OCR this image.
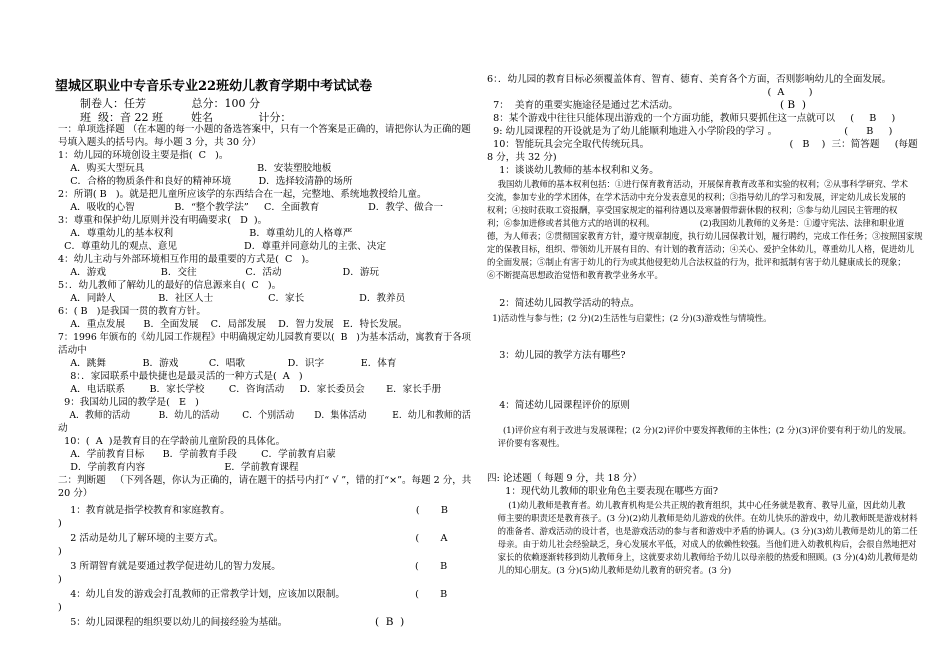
望城区职业中专音乐专业22班幼儿教育学期中考试试卷
制卷人：任芳             总分：100 分
班  级：音 22 班        姓名             计分：
一：单项选择题 （在本题的每一小题的备选答案中，只有一个答案是正确的，请把你认为正确的题
号填入题头的括号内。每小题 3 分，共 30 分）
1：幼儿园的环境创设主要是指(  C   )。
A．购买大型玩具                                     B．安装塑胶地板
C．合格的物质条件和良好的精神环境         D．选择较清静的场所
2：所谓( B   )。就是把儿童所应该学的东西结合在一起，完整地、系统地教授给儿童。
A．吸收的心智             B．“整个教学法”     C．全面教育                D．教学、做合一
3：尊重和保护幼儿原则并没有明确要求(   D  )。
A．尊重幼儿的基本权利                         B．尊重幼儿的人格尊严
C．尊重幼儿的观点、意见                      D．尊重并同意幼儿的主张、决定
4：幼儿主动与外部环境相互作用的最重要的方式是(  C   )。
A．游戏                  B．交往                C．活动                    D．游玩
5：．幼儿教师了解幼儿的最好的信息源来自(  C   )。
A．同龄人              B．社区人士                  C．家长                  D．教养员
6：( B   )是我国一贯的教育方针。
A．重点发展      B．全面发展    C．局部发展    D．智力发展   E．特长发展。
7：1996 年颁布的《幼儿园工作规程》中明确规定幼儿园教育要以(  B   )为基本活动，寓教育于各项
活动中
A．跳舞            B．游戏          C．唱歌              D．识字            E．体育
8：．家园联系中最快捷也是最灵活的一种方式是(  A   )
A．电话联系        B．家长学校        C．咨询活动     D．家长委员会       E．家长手册
9：我国幼儿园的教学是(   E   )
A．教师的活动          B．幼儿的活动        C．个别活动       D．集体活动         E．幼儿和教师的活
动
10：(  A  )是教育目的在学龄前儿童阶段的具体化。
A．学前教育目标      B．学前教育手段        C．学前教育启蒙
D．学前教育内容                          E．学前教育课程
二：判断题   （下列各题，你认为正确的，请在题干的括号内打“ √ ”，错的打“×”。每题 2 分，共
20 分）
1：教育就是指学校教育和家庭教育。                                                             (       B
)
2 活动是幼儿了解环境的主要方式。                                                               (       A
)
3 所谓智育就是要通过教学促进幼儿的智力发展。                                            (       B
)
4：幼儿自发的游戏会打乱教师的正常教学计划，应该加以限制。                       (       B
)
5：幼儿园课程的组织要以幼儿的间接经验为基础。	(  B  )
6：．幼儿园的教育目标必须覆盖体育、智育、德育、美育各个方面，否则影响幼儿的全面发展。
(  A        )
7：  美育的重要实施途径是通过艺术活动。	( B  )
8：某个游戏中往往只能体现出游戏的一个方面功能，教师只要抓住这一点就可以     (     B     )
9: 幼儿园课程的开设就是为了幼儿能顺利地进入小学阶段的学习 。                      (      B     )
10：智能玩具会完全取代传统玩具。                                              (   B    )  三：简答题     (每题
8 分，共 32 分)
1：谈谈幼儿教师的基本权利和义务。
我国幼儿教师的基本权利包括：①进行保育教育活动，开展保育教育改革和实验的权利；②从事科学研究、学术
交流，参加专业的学术团体，在学术活动中充分发表意见的权利；③指导幼儿的学习和发展，评定幼儿成长发展的
权利；④按时获取工资报酬，享受国家规定的福利待遇以及寒暑假带薪休假的权利；⑤参与幼儿园民主管理的权
利；⑥参加进修或者其他方式的培训的权利。                 (2)我国幼儿教师的义务是：①遵守宪法、法律和职业道
德，为人师表；②贯彻国家教育方针，遵守规章制度，执行幼儿园保教计划，履行聘约，完成工作任务；③按照国家规
定的保教目标，组织、带领幼儿开展有目的、有计划的教育活动；④关心、爱护全体幼儿，尊重幼儿人格，促进幼儿
的全面发展；⑤制止有害于幼儿的行为或其他侵犯幼儿合法权益的行为，批评和抵制有害于幼儿健康成长的现象；
⑥不断提高思想政治觉悟和教育教学业务水平。
2：简述幼儿园教学活动的特点。
1)活动性与参与性；(2 分)(2)生活性与启蒙性；(2 分)(3)游戏性与情境性。
3：幼儿园的教学方法有哪些?
4：简述幼儿园课程评价的原则
(1)评价应有利于改进与发展课程；(2 分)(2)评价中要发挥教师的主体性；(2 分)(3)评价要有利于幼儿的发展。
评价要有客观性。
四: 论述题（ 每题 9 分，共 18 分）
1：现代幼儿教师的职业角色主要表现在哪些方面?
(1)幼儿教师是教育者。幼儿教育机构是公共正规的教育组织，其中心任务就是教育、教导儿童，因此幼儿教
师主要的职责还是教育孩子。(3 分)(2)幼儿教师是幼儿游戏的伙伴。在幼儿快乐的游戏中，幼儿教师既是游戏材料
的准备者、游戏活动的设计者，也是游戏活动的参与者和游戏中矛盾的协调人。(3 分)(3)幼儿教师是幼儿的第二任
母亲。由于幼儿社会经验缺乏，身心发展水平低，对成人的依赖性较强。当他们进入幼教机构后，会很自然地把对
家长的依赖逐渐转移到幼儿教师身上，这就要求幼儿教师给予幼儿以母亲般的热爱和照顾。(3 分)(4)幼儿教师是幼
儿的知心朋友。(3 分)(5)幼儿教师是幼儿教育的研究者。(3 分)
